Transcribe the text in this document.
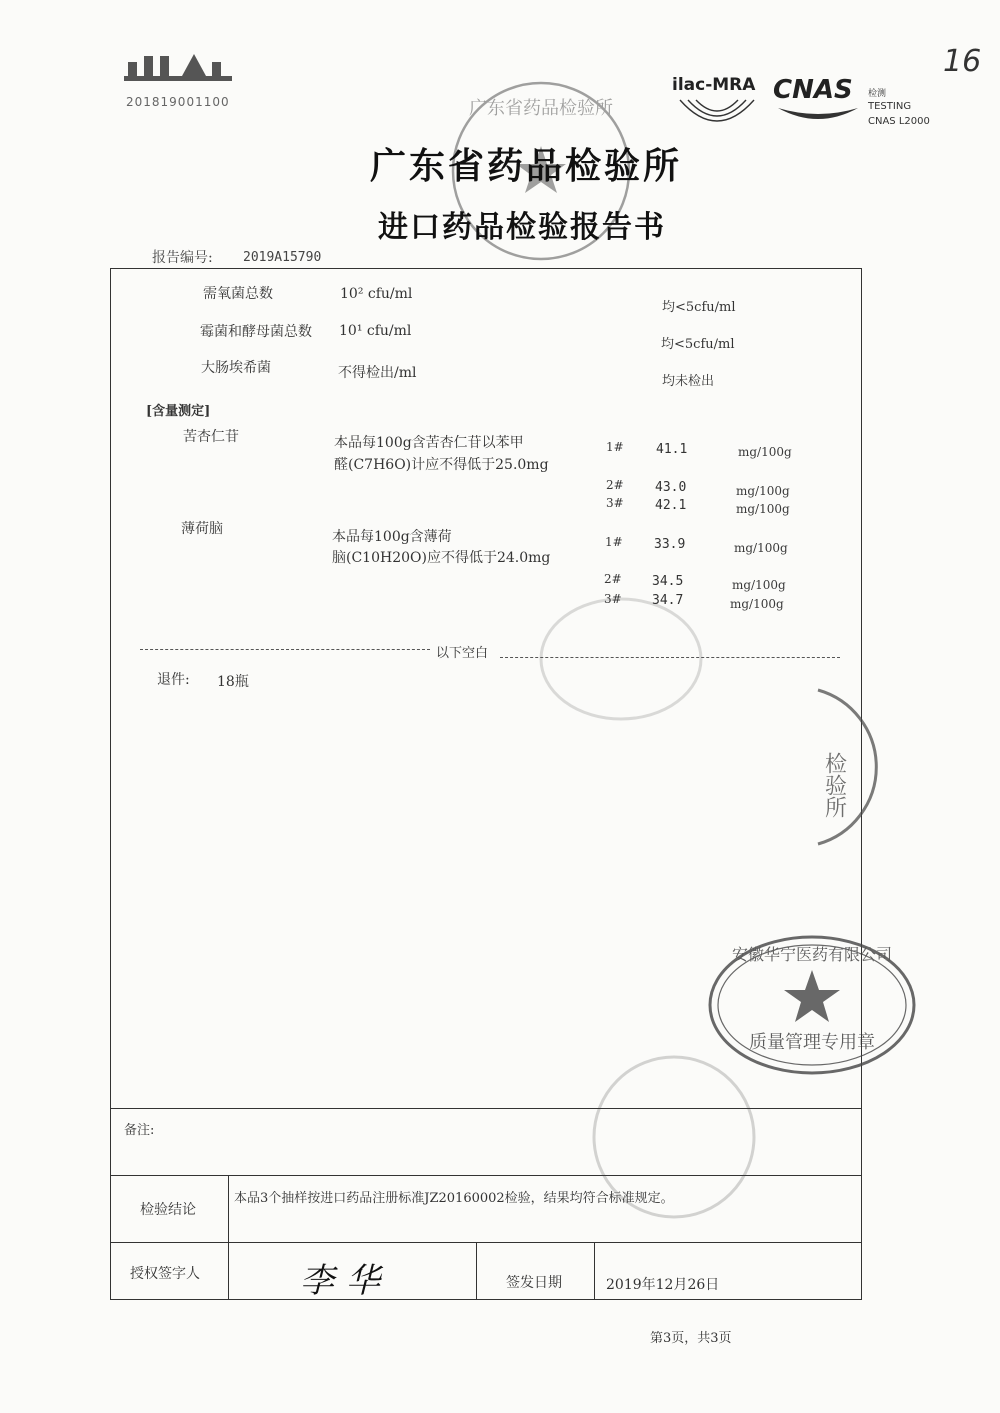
201819001100
16
ilac-MRA CNAS 检测
TESTING
CNAS L2000
广东省药品检验所
广东省药品检验所
进口药品检验报告书
报告编号: 2019A15790
需氧菌总数	10² cfu/ml
均<5cfu/ml
霉菌和酵母菌总数 10¹ cfu/ml
均<5cfu/ml
大肠埃希菌	不得检出/ml
均未检出
[含量测定]
苦杏仁苷	本品每100g含苦杏仁苷以苯甲
醛(C7H6O)计应不得低于25.0mg
1# 41.1	mg/100g
2# 43.0	mg/100g
3# 42.1	mg/100g
薄荷脑	本品每100g含薄荷
脑(C10H20O)应不得低于24.0mg
1# 33.9	mg/100g
2# 34.5	mg/100g
3# 34.7	mg/100g
以下空白
退件: 18瓶
检验所
安徽华宁医药有限公司
质量管理专用章
备注:
检验结论
本品3个抽样按进口药品注册标准JZ20160002检验，结果均符合标准规定。
授权签字人	李华	签发日期	2019年12月26日
第3页，共3页
